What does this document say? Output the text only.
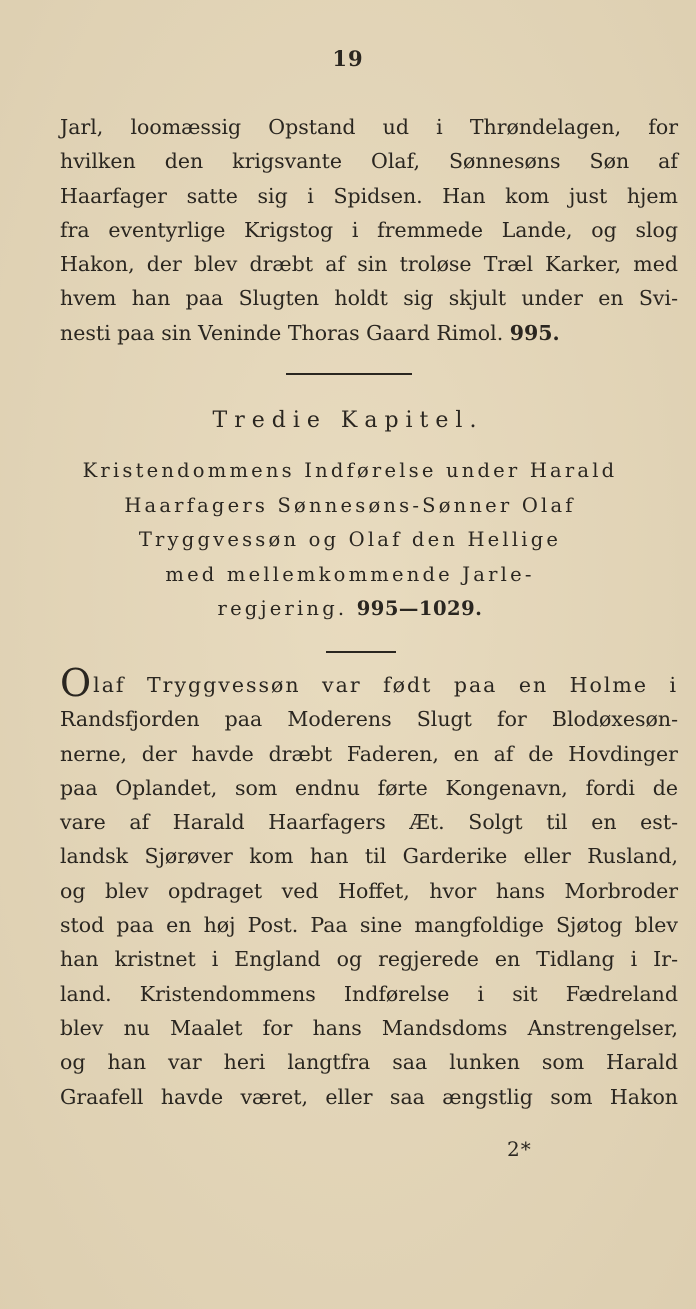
19
Jarl, loomæssig Opstand ud i Thrøndelagen, for
hvilken den krigsvante Olaf, Sønnesøns Søn af
Haarfager satte sig i Spidsen. Han kom just hjem
fra eventyrlige Krigstog i fremmede Lande, og slog
Hakon, der blev dræbt af sin troløse Træl Karker, med
hvem han paa Slugten holdt sig skjult under en Svi-
nesti paa sin Veninde Thoras Gaard Rimol. 995.
Tredie Kapitel.
Kristendommens Indførelse under Harald
Haarfagers Sønnesøns-Sønner Olaf
Tryggvessøn og Olaf den Hellige
med mellemkommende Jarle-
regjering. 995—1029.
Olaf Tryggvessøn var født paa en Holme i
Randsfjorden paa Moderens Slugt for Blodøxesøn-
nerne, der havde dræbt Faderen, en af de Hovdinger
paa Oplandet, som endnu førte Kongenavn, fordi de
vare af Harald Haarfagers Æt. Solgt til en est-
landsk Sjørøver kom han til Garderike eller Rusland,
og blev opdraget ved Hoffet, hvor hans Morbroder
stod paa en høj Post. Paa sine mangfoldige Sjøtog blev
han kristnet i England og regjerede en Tidlang i Ir-
land. Kristendommens Indførelse i sit Fædreland
blev nu Maalet for hans Mandsdoms Anstrengelser,
og han var heri langtfra saa lunken som Harald
Graafell havde været, eller saa ængstlig som Hakon
2*
